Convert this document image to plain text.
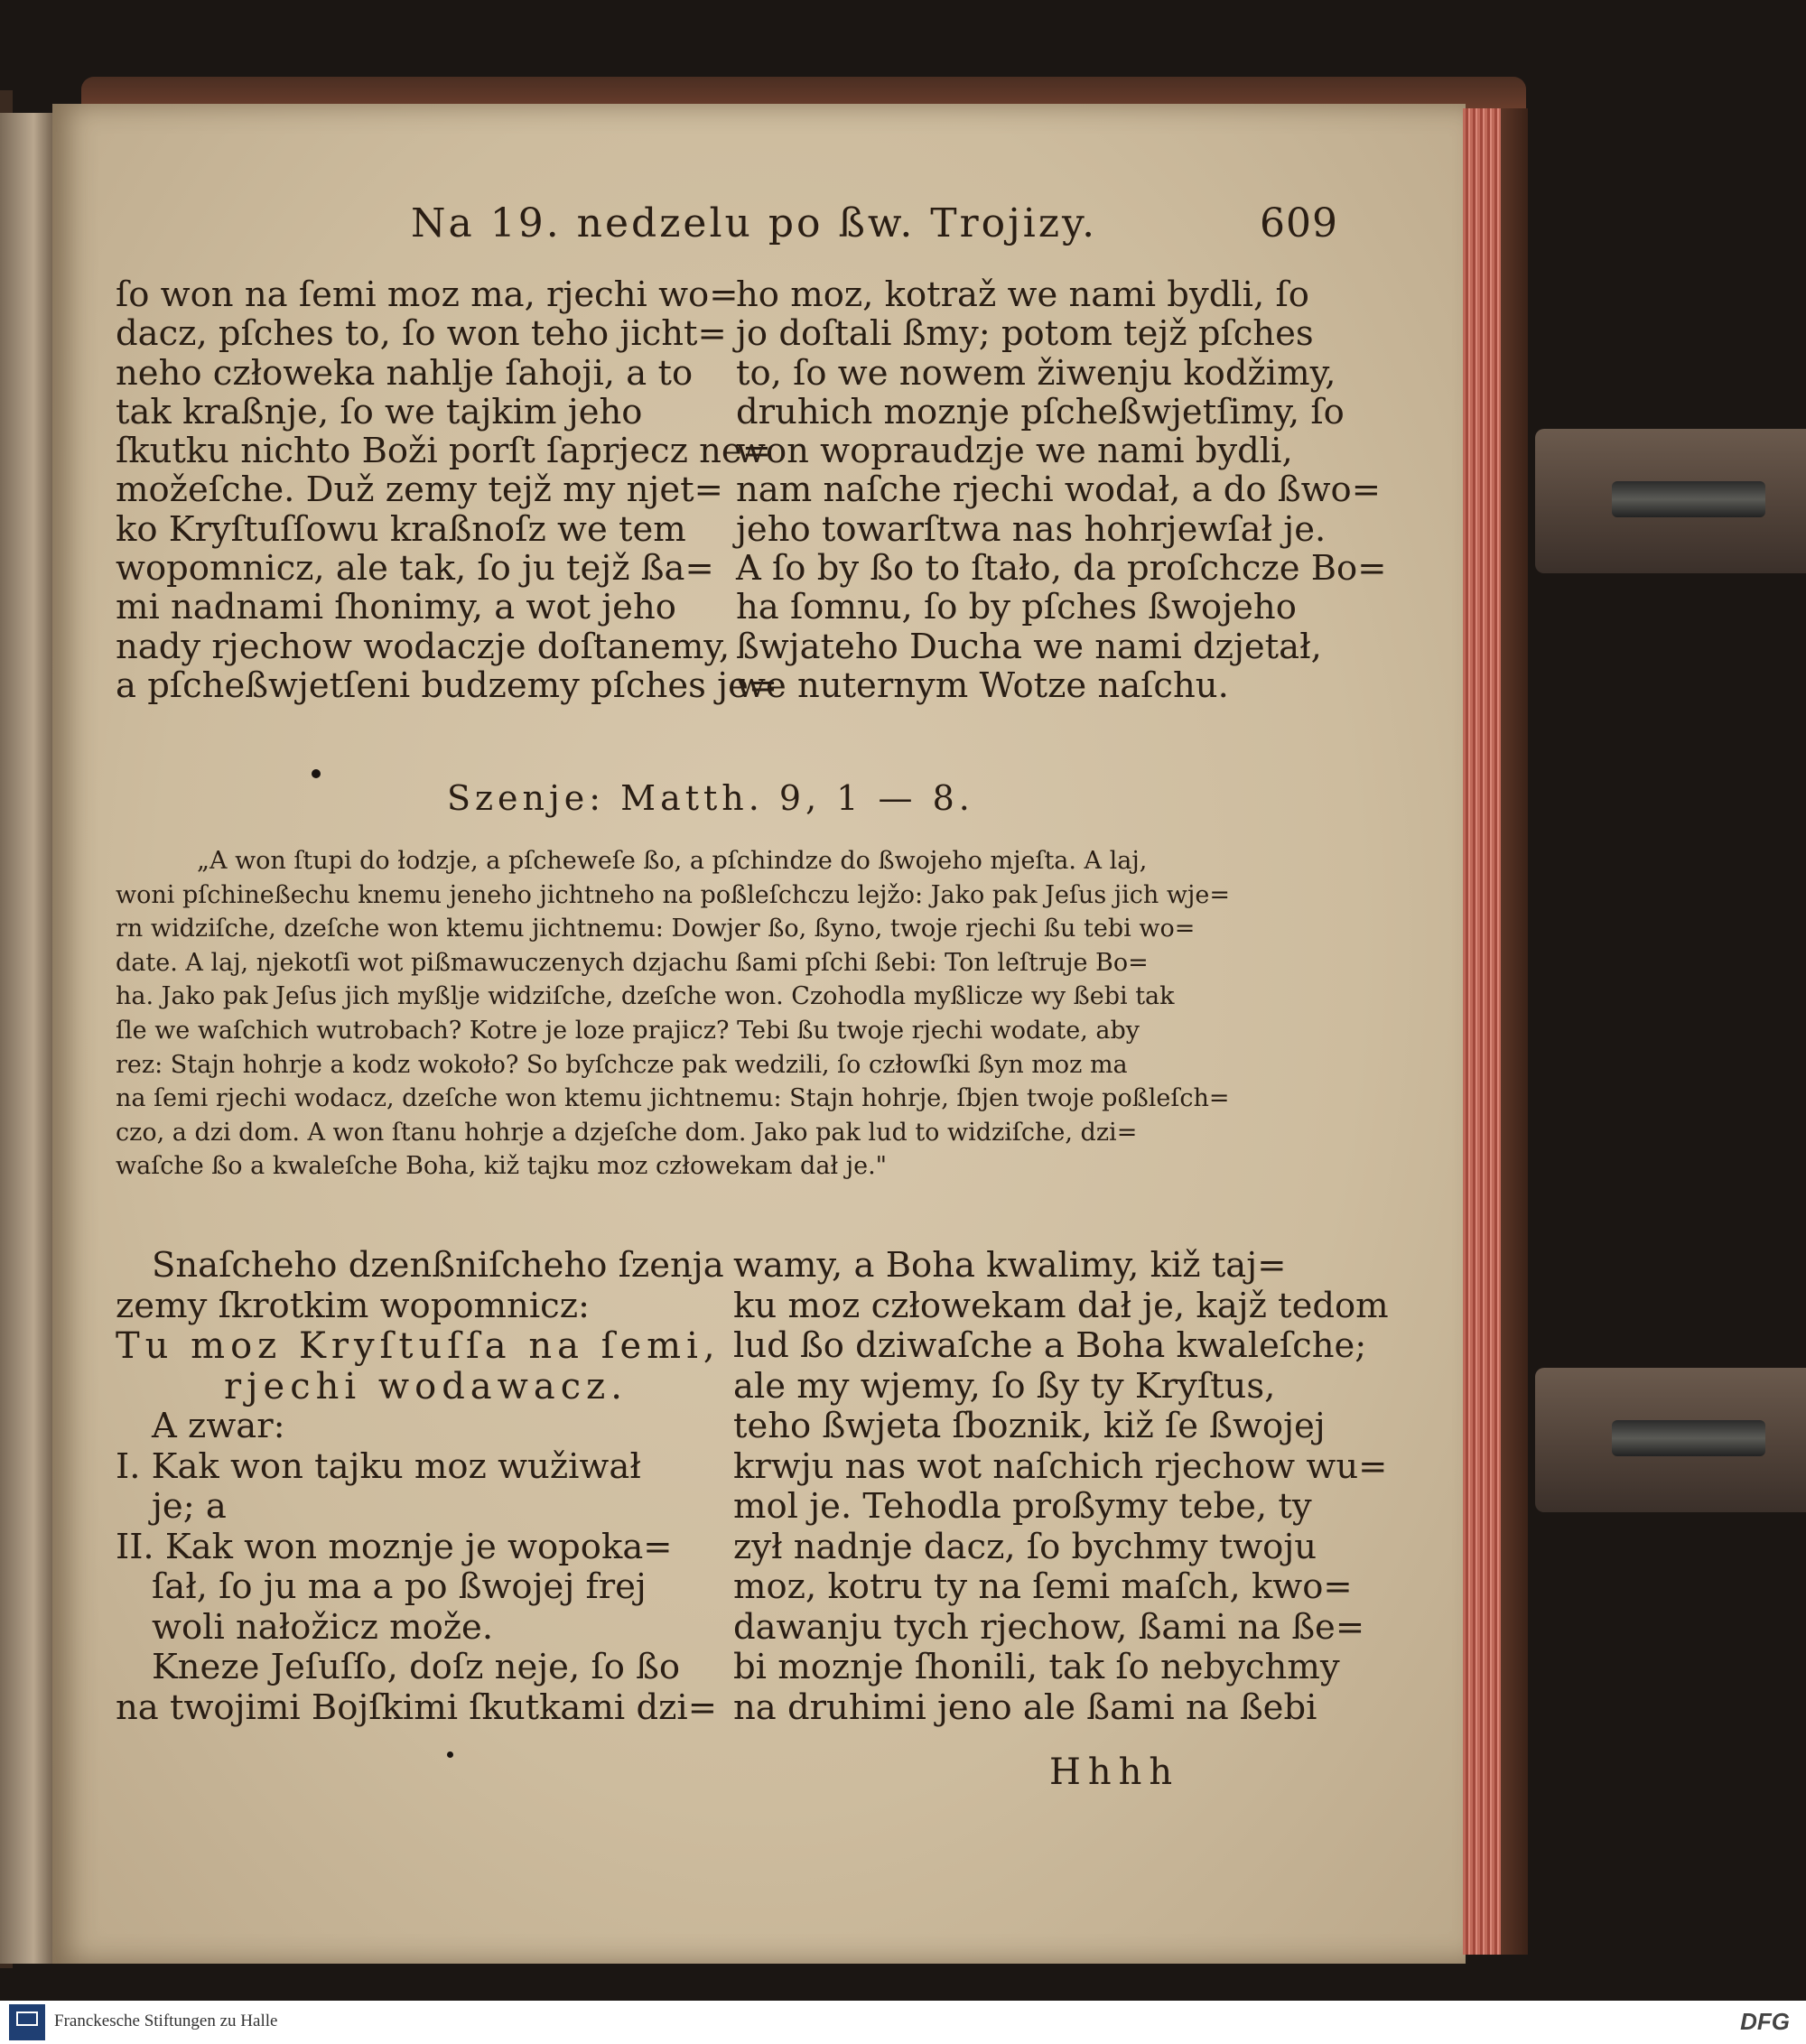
Na 19. nedzelu po ßw. Trojizy.	609
ſo won na ſemi moz ma, rjechi wo=
dacz, pſches to, ſo won teho jicht=
neho człoweka nahlje ſahoji, a to
tak kraßnje, ſo we tajkim jeho
ſkutku nichto Boži porſt ſaprjecz ne=
možeſche. Duž zemy tejž my njet=
ko Kryſtuſſowu kraßnoſz we tem
wopomnicz, ale tak, ſo ju tejž ßa=
mi nadnami ſhonimy, a wot jeho
nady rjechow wodaczje doſtanemy,
a pſcheßwjetſeni budzemy pſches je=
ho moz, kotraž we nami bydli, ſo
jo doſtali ßmy; potom tejž pſches
to, ſo we nowem žiwenju kodžimy,
druhich moznje pſcheßwjetſimy, ſo
won wopraudzje we nami bydli,
nam naſche rjechi wodał, a do ßwo=
jeho towarſtwa nas hohrjewſał je.
A ſo by ßo to ſtało, da proſchcze Bo=
ha ſomnu, ſo by pſches ßwojeho
ßwjateho Ducha we nami dzjetał,
we nuternym Wotze naſchu.
Szenje: Matth. 9, 1 — 8.
„A won ſtupi do łodzje, a pſcheweſe ßo, a pſchindze do ßwojeho mjeſta. A laj,
woni pſchineßechu knemu jeneho jichtneho na poßleſchczu lejžo: Jako pak Jeſus jich wje=
rn widziſche, dzeſche won ktemu jichtnemu: Dowjer ßo, ßyno, twoje rjechi ßu tebi wo=
date. A laj, njekotſi wot pißmawuczenych dzjachu ßami pſchi ßebi: Ton leſtruje Bo=
ha. Jako pak Jeſus jich myßlje widziſche, dzeſche won. Czohodla myßlicze wy ßebi tak
ſle we waſchich wutrobach? Kotre je loze prajicz? Tebi ßu twoje rjechi wodate, aby
rez: Stajn hohrje a kodz wokoło? So byſchcze pak wedzili, ſo człowſki ßyn moz ma
na ſemi rjechi wodacz, dzeſche won ktemu jichtnemu: Stajn hohrje, ſbjen twoje poßleſch=
czo, a dzi dom. A won ſtanu hohrje a dzjeſche dom. Jako pak lud to widziſche, dzi=
waſche ßo a kwaleſche Boha, kiž tajku moz człowekam dał je."
Snaſcheho dzenßniſcheho ſzenja
zemy ſkrotkim wopomnicz:
Tu moz Kryſtuſſa na ſemi,
rjechi wodawacz.
A zwar:
I. Kak won tajku moz wužiwał
je; a
II. Kak won moznje je wopoka=
ſał, ſo ju ma a po ßwojej frej
woli nałožicz može.
Kneze Jeſuſſo, doſz neje, ſo ßo
na twojimi Bojſkimi ſkutkami dzi=
wamy, a Boha kwalimy, kiž taj=
ku moz człowekam dał je, kajž tedom
lud ßo dziwaſche a Boha kwaleſche;
ale my wjemy, ſo ßy ty Kryſtus,
teho ßwjeta ſboznik, kiž ſe ßwojej
krwju nas wot naſchich rjechow wu=
mol je. Tehodla proßymy tebe, ty
zył nadnje dacz, ſo bychmy twoju
moz, kotru ty na ſemi maſch, kwo=
dawanju tych rjechow, ßami na ße=
bi moznje ſhonili, tak ſo nebychmy
na druhimi jeno ale ßami na ßebi
Hhhh
Franckesche Stiftungen zu Halle	DFG
